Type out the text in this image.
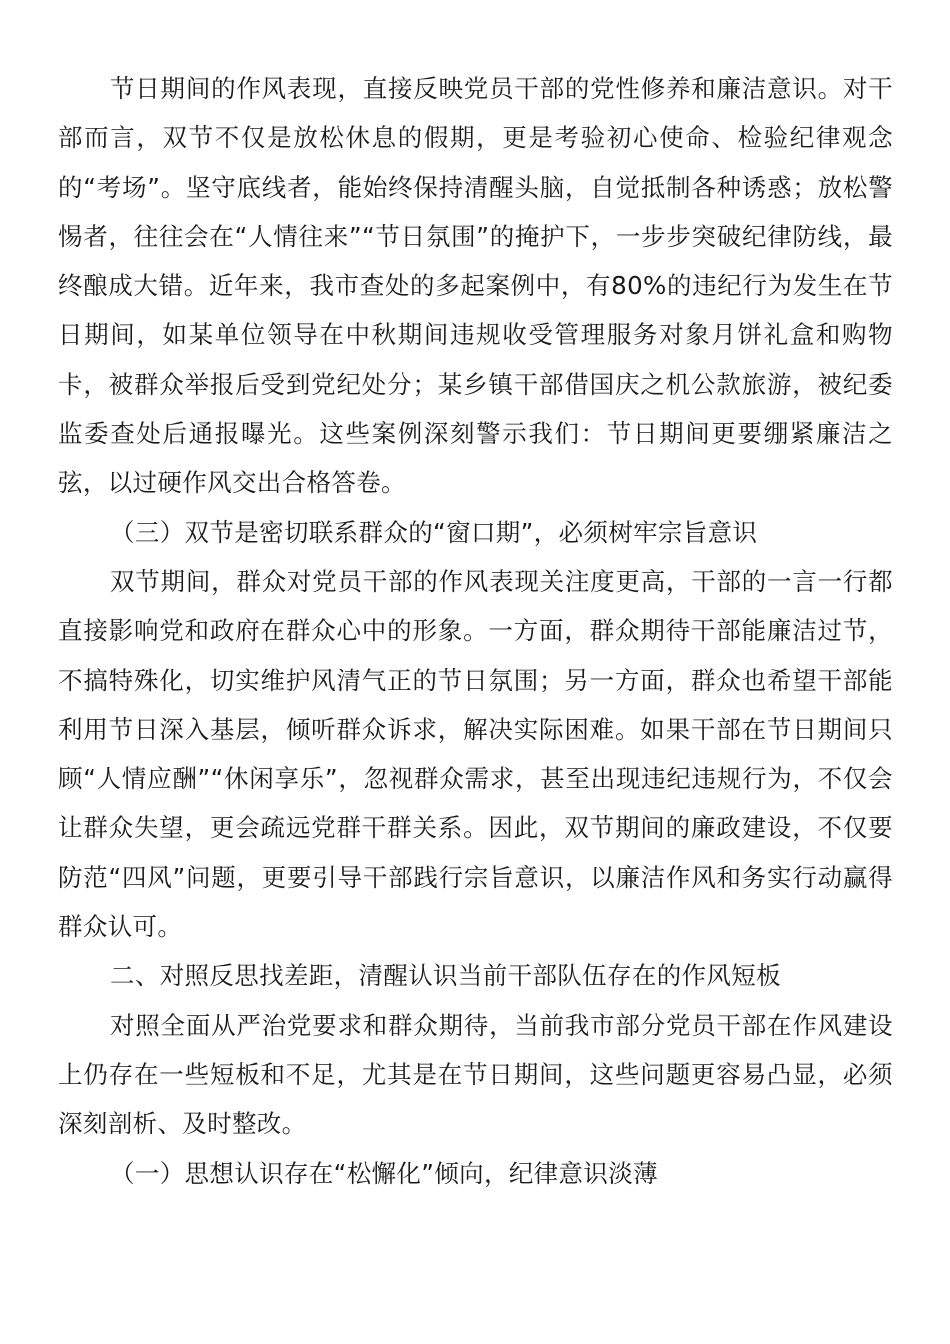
节日期间的作风表现，直接反映党员干部的党性修养和廉洁意识。对干部而言，双节不仅是放松休息的假期，更是考验初心使命、检验纪律观念的“考场”。坚守底线者，能始终保持清醒头脑，自觉抵制各种诱惑；放松警惕者，往往会在“人情往来”“节日氛围”的掩护下，一步步突破纪律防线，最终酿成大错。近年来，我市查处的多起案例中，有80%的违纪行为发生在节日期间，如某单位领导在中秋期间违规收受管理服务对象月饼礼盒和购物卡，被群众举报后受到党纪处分；某乡镇干部借国庆之机公款旅游，被纪委监委查处后通报曝光。这些案例深刻警示我们：节日期间更要绷紧廉洁之弦，以过硬作风交出合格答卷。

（三）双节是密切联系群众的“窗口期”，必须树牢宗旨意识

双节期间，群众对党员干部的作风表现关注度更高，干部的一言一行都直接影响党和政府在群众心中的形象。一方面，群众期待干部能廉洁过节，不搞特殊化，切实维护风清气正的节日氛围；另一方面，群众也希望干部能利用节日深入基层，倾听群众诉求，解决实际困难。如果干部在节日期间只顾“人情应酬”“休闲享乐”，忽视群众需求，甚至出现违纪违规行为，不仅会让群众失望，更会疏远党群干群关系。因此，双节期间的廉政建设，不仅要防范“四风”问题，更要引导干部践行宗旨意识，以廉洁作风和务实行动赢得群众认可。

二、对照反思找差距，清醒认识当前干部队伍存在的作风短板

对照全面从严治党要求和群众期待，当前我市部分党员干部在作风建设上仍存在一些短板和不足，尤其是在节日期间，这些问题更容易凸显，必须深刻剖析、及时整改。

（一）思想认识存在“松懈化”倾向，纪律意识淡薄
